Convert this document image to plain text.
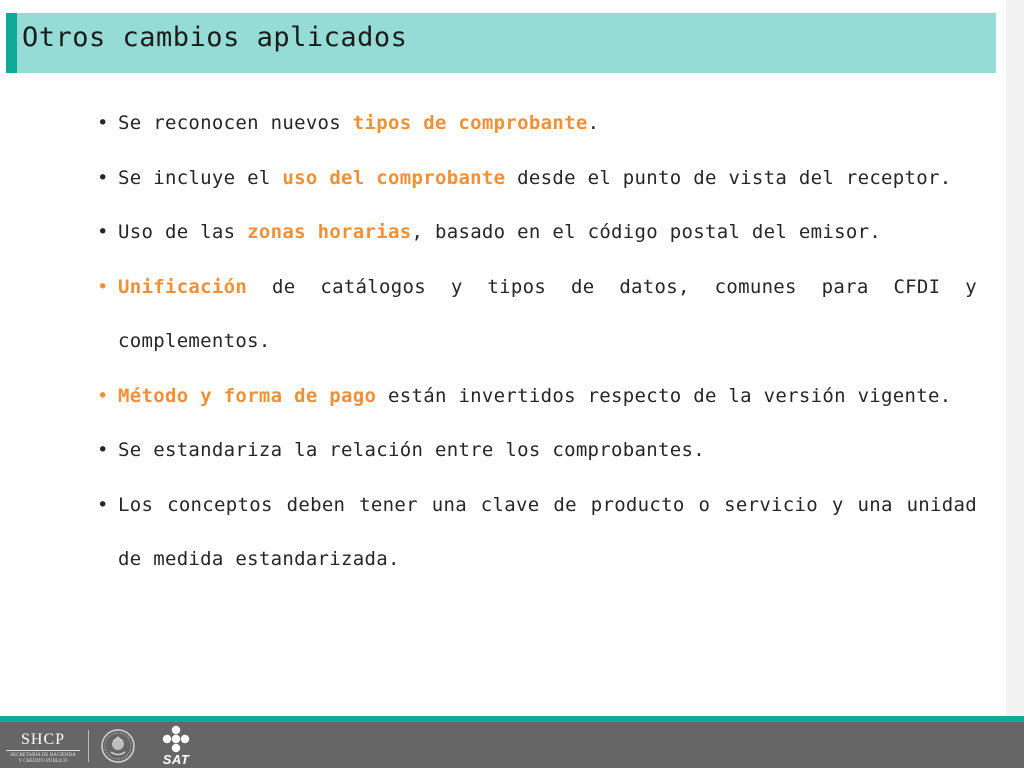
Otros cambios aplicados
• Se reconocen nuevos tipos de comprobante.
• Se incluye el uso del comprobante desde el punto de vista del receptor.
• Uso de las zonas horarias, basado en el código postal del emisor.
• Unificación de catálogos y tipos de datos, comunes para CFDI y complementos.
• Método y forma de pago están invertidos respecto de la versión vigente.
• Se estandariza la relación entre los comprobantes.
• Los conceptos deben tener una clave de producto o servicio y una unidad de medida estandarizada.
SHCP
SECRETARÍA DE HACIENDA
Y CRÉDITO PÚBLICO	SAT
